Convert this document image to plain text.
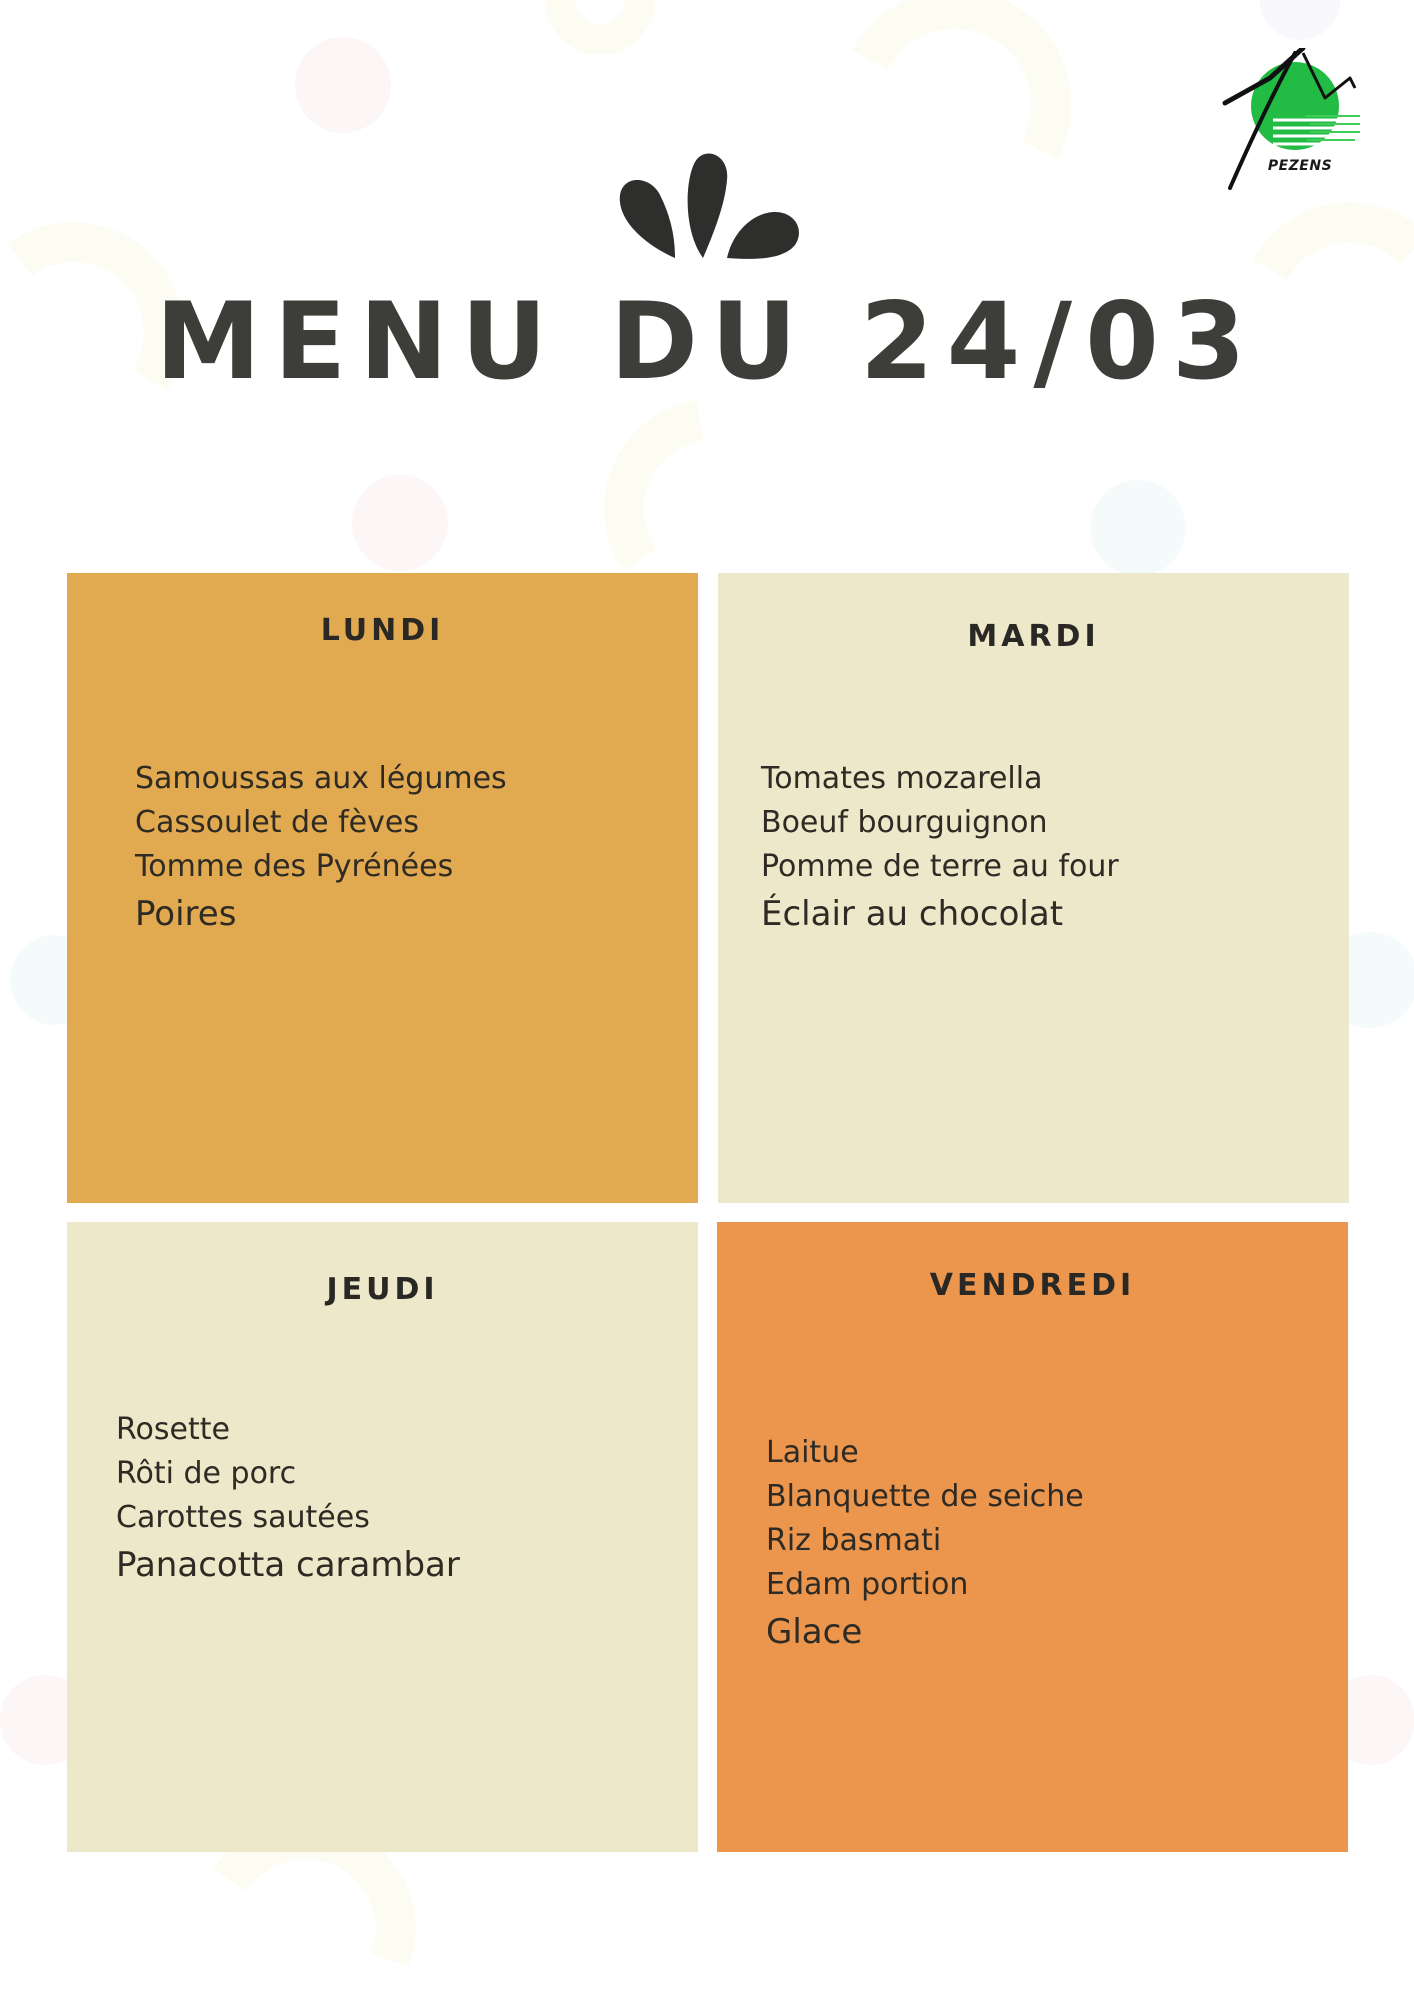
PEZENS
MENU DU 24/03
LUNDI
Samoussas aux légumes
Cassoulet de fèves
Tomme des Pyrénées
Poires
MARDI
Tomates mozarella
Boeuf bourguignon
Pomme de terre au four
Éclair au chocolat
JEUDI
Rosette
Rôti de porc
Carottes sautées
Panacotta carambar
VENDREDI
Laitue
Blanquette de seiche
Riz basmati
Edam portion
Glace
